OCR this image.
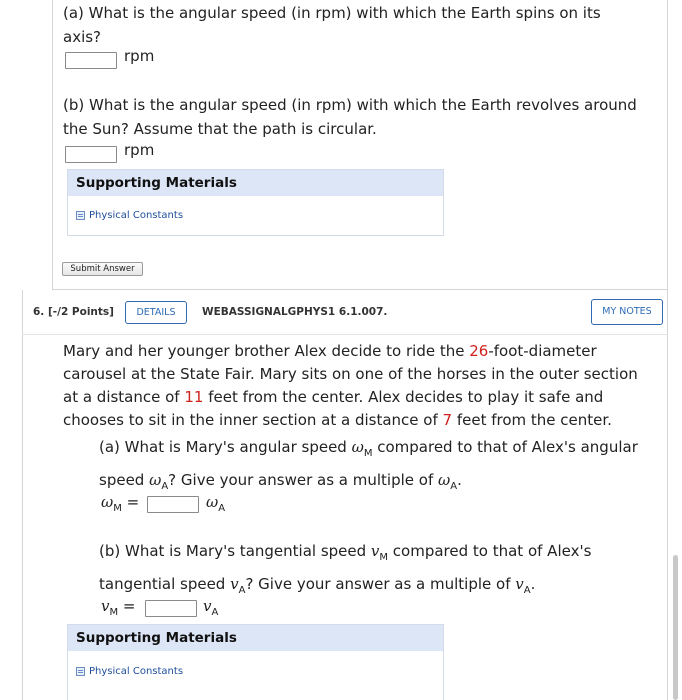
(a) What is the angular speed (in rpm) with which the Earth spins on its
axis?
rpm
(b) What is the angular speed (in rpm) with which the Earth revolves around
the Sun? Assume that the path is circular.
rpm
Supporting Materials
Physical Constants
Submit Answer
6. [-/2 Points]	DETAILS	WEBASSIGNALGPHYS1 6.1.007.	MY NOTES
Mary and her younger brother Alex decide to ride the 26-foot-diameter
carousel at the State Fair. Mary sits on one of the horses in the outer section
at a distance of 11 feet from the center. Alex decides to play it safe and
chooses to sit in the inner section at a distance of 7 feet from the center.
(a) What is Mary's angular speed $\omega_M$ compared to that of Alex's angular
speed $\omega_A$? Give your answer as a multiple of $\omega_A$.
$\omega_M$ =	$\omega_A$
(b) What is Mary's tangential speed $v_M$ compared to that of Alex's
tangential speed $v_A$? Give your answer as a multiple of $v_A$.
$v_M$ =	$v_A$
Supporting Materials
Physical Constants
